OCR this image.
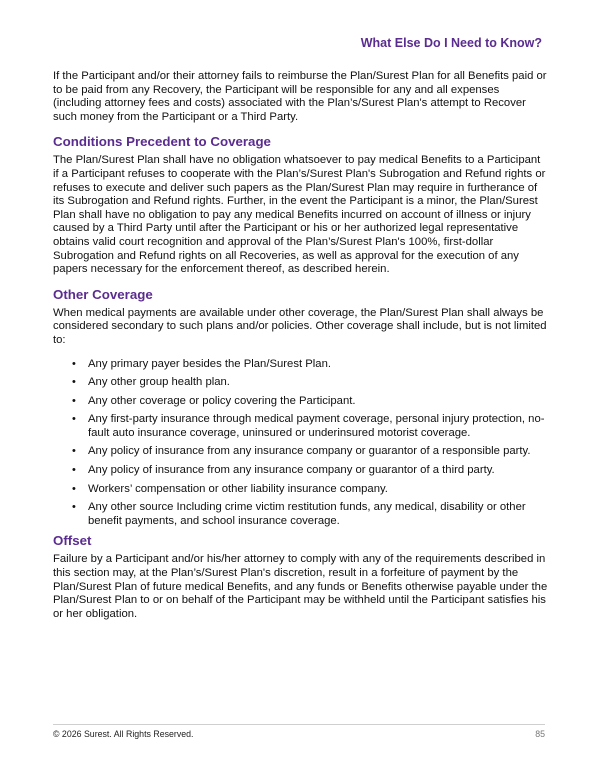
What Else Do I Need to Know?

If the Participant and/or their attorney fails to reimburse the Plan/Surest Plan for all Benefits paid or to be paid from any Recovery, the Participant will be responsible for any and all expenses (including attorney fees and costs) associated with the Plan’s/Surest Plan's attempt to Recover such money from the Participant or a Third Party.

Conditions Precedent to Coverage

The Plan/Surest Plan shall have no obligation whatsoever to pay medical Benefits to a Participant if a Participant refuses to cooperate with the Plan’s/Surest Plan's Subrogation and Refund rights or refuses to execute and deliver such papers as the Plan/Surest Plan may require in furtherance of its Subrogation and Refund rights. Further, in the event the Participant is a minor, the Plan/Surest Plan shall have no obligation to pay any medical Benefits incurred on account of illness or injury caused by a Third Party until after the Participant or his or her authorized legal representative obtains valid court recognition and approval of the Plan’s/Surest Plan's 100%, first-dollar Subrogation and Refund rights on all Recoveries, as well as approval for the execution of any papers necessary for the enforcement thereof, as described herein.

Other Coverage

When medical payments are available under other coverage, the Plan/Surest Plan shall always be considered secondary to such plans and/or policies. Other coverage shall include, but is not limited to:

• Any primary payer besides the Plan/Surest Plan.
• Any other group health plan.
• Any other coverage or policy covering the Participant.
• Any first-party insurance through medical payment coverage, personal injury protection, no-fault auto insurance coverage, uninsured or underinsured motorist coverage.
• Any policy of insurance from any insurance company or guarantor of a responsible party.
• Any policy of insurance from any insurance company or guarantor of a third party.
• Workers’ compensation or other liability insurance company.
• Any other source Including crime victim restitution funds, any medical, disability or other benefit payments, and school insurance coverage.
Offset

Failure by a Participant and/or his/her attorney to comply with any of the requirements described in this section may, at the Plan’s/Surest Plan's discretion, result in a forfeiture of payment by the Plan/Surest Plan of future medical Benefits, and any funds or Benefits otherwise payable under the Plan/Surest Plan to or on behalf of the Participant may be withheld until the Participant satisfies his or her obligation.

© 2026 Surest. All Rights Reserved.	85
